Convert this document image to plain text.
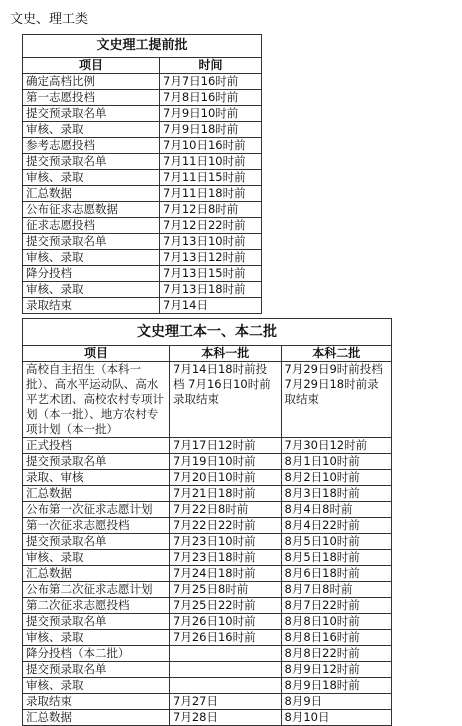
文史、理工类
文史理工提前批	
项目	时间
确定高档比例	7月7日16时前
第一志愿投档	7月8日16时前
提交预录取名单	7月9日10时前
审核、录取	7月9日18时前
参考志愿投档	7月10日16时前
提交预录取名单	7月11日10时前
审核、录取	7月11日15时前
汇总数据	7月11日18时前
公布征求志愿数据	7月12日8时前
征求志愿投档	7月12日22时前
提交预录取名单	7月13日10时前
审核、录取	7月13日12时前
降分投档	7月13日15时前
审核、录取	7月13日18时前
录取结束	7月14日
文史理工本一、本二批		
项目	本科一批	本科二批
高校自主招生（本科一批）、高水平运动队、高水平艺术团、高校农村专项计划（本一批）、地方农村专项计划（本一批）	7月14日18时前投档 7月16日10时前录取结束	7月29日9时前投档 7月29日18时前录取结束
正式投档	7月17日12时前	7月30日12时前
提交预录取名单	7月19日10时前	8月1日10时前
录取、审核	7月20日10时前	8月2日10时前
汇总数据	7月21日18时前	8月3日18时前
公布第一次征求志愿计划	7月22日8时前	8月4日8时前
第一次征求志愿投档	7月22日22时前	8月4日22时前
提交预录取名单	7月23日10时前	8月5日10时前
审核、录取	7月23日18时前	8月5日18时前
汇总数据	7月24日18时前	8月6日18时前
公布第二次征求志愿计划	7月25日8时前	8月7日8时前
第二次征求志愿投档	7月25日22时前	8月7日22时前
提交预录取名单	7月26日10时前	8月8日10时前
审核、录取	7月26日16时前	8月8日16时前
降分投档（本二批）		8月8日22时前
提交预录取名单		8月9日12时前
审核、录取		8月9日18时前
录取结束	7月27日	8月9日
汇总数据	7月28日	8月10日
